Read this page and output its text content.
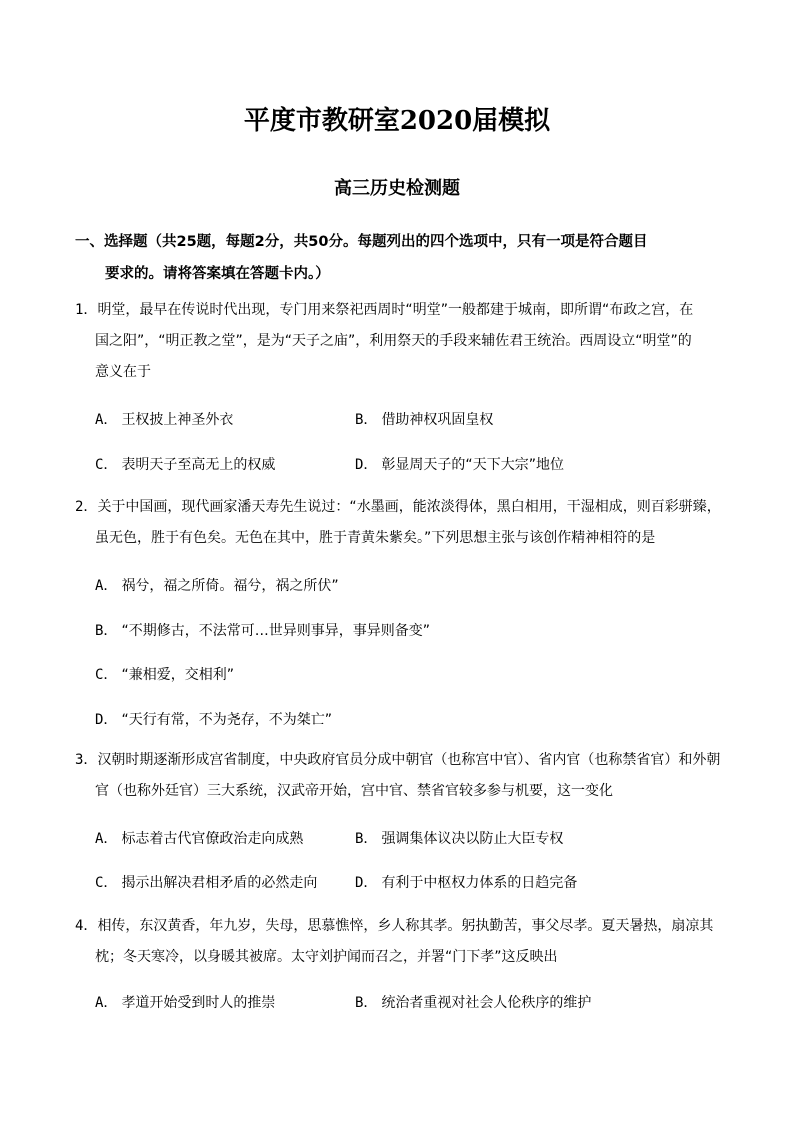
平度市教研室2020届模拟
高三历史检测题
一、选择题（共25题，每题2分，共50分。每题列出的四个选项中，只有一项是符合题目
要求的。请将答案填在答题卡内。）
1．明堂，最早在传说时代出现，专门用来祭祀西周时“明堂”一般都建于城南，即所谓“布政之宫，在
国之阳”，“明正教之堂”，是为“天子之庙”，利用祭天的手段来辅佐君王统治。西周设立“明堂”的
意义在于
A． 王权披上神圣外衣	B． 借助神权巩固皇权
C． 表明天子至高无上的权威	D． 彰显周天子的“天下大宗”地位
2．关于中国画，现代画家潘天寿先生说过：“水墨画，能浓淡得体，黑白相用，干湿相成，则百彩骈臻，
虽无色，胜于有色矣。无色在其中，胜于青黄朱紫矣。”下列思想主张与该创作精神相符的是
A． 祸兮，福之所倚。福兮，祸之所伏”
B． “不期修古，不法常可…世异则事异，事异则备变”
C． “兼相爱，交相利”
D． “天行有常，不为尧存，不为桀亡”
3．汉朝时期逐渐形成宫省制度，中央政府官员分成中朝官（也称宫中官）、省内官（也称禁省官）和外朝
官（也称外廷官）三大系统，汉武帝开始，宫中官、禁省官较多参与机要，这一变化
A． 标志着古代官僚政治走向成熟	B． 强调集体议决以防止大臣专权
C． 揭示出解决君相矛盾的必然走向	D． 有利于中枢权力体系的日趋完备
4．相传，东汉黄香，年九岁，失母，思慕憔悴，乡人称其孝。躬执勤苦，事父尽孝。夏天暑热，扇凉其
枕；冬天寒冷，以身暖其被席。太守刘护闻而召之，并署“门下孝”这反映出
A． 孝道开始受到时人的推崇	B． 统治者重视对社会人伦秩序的维护
